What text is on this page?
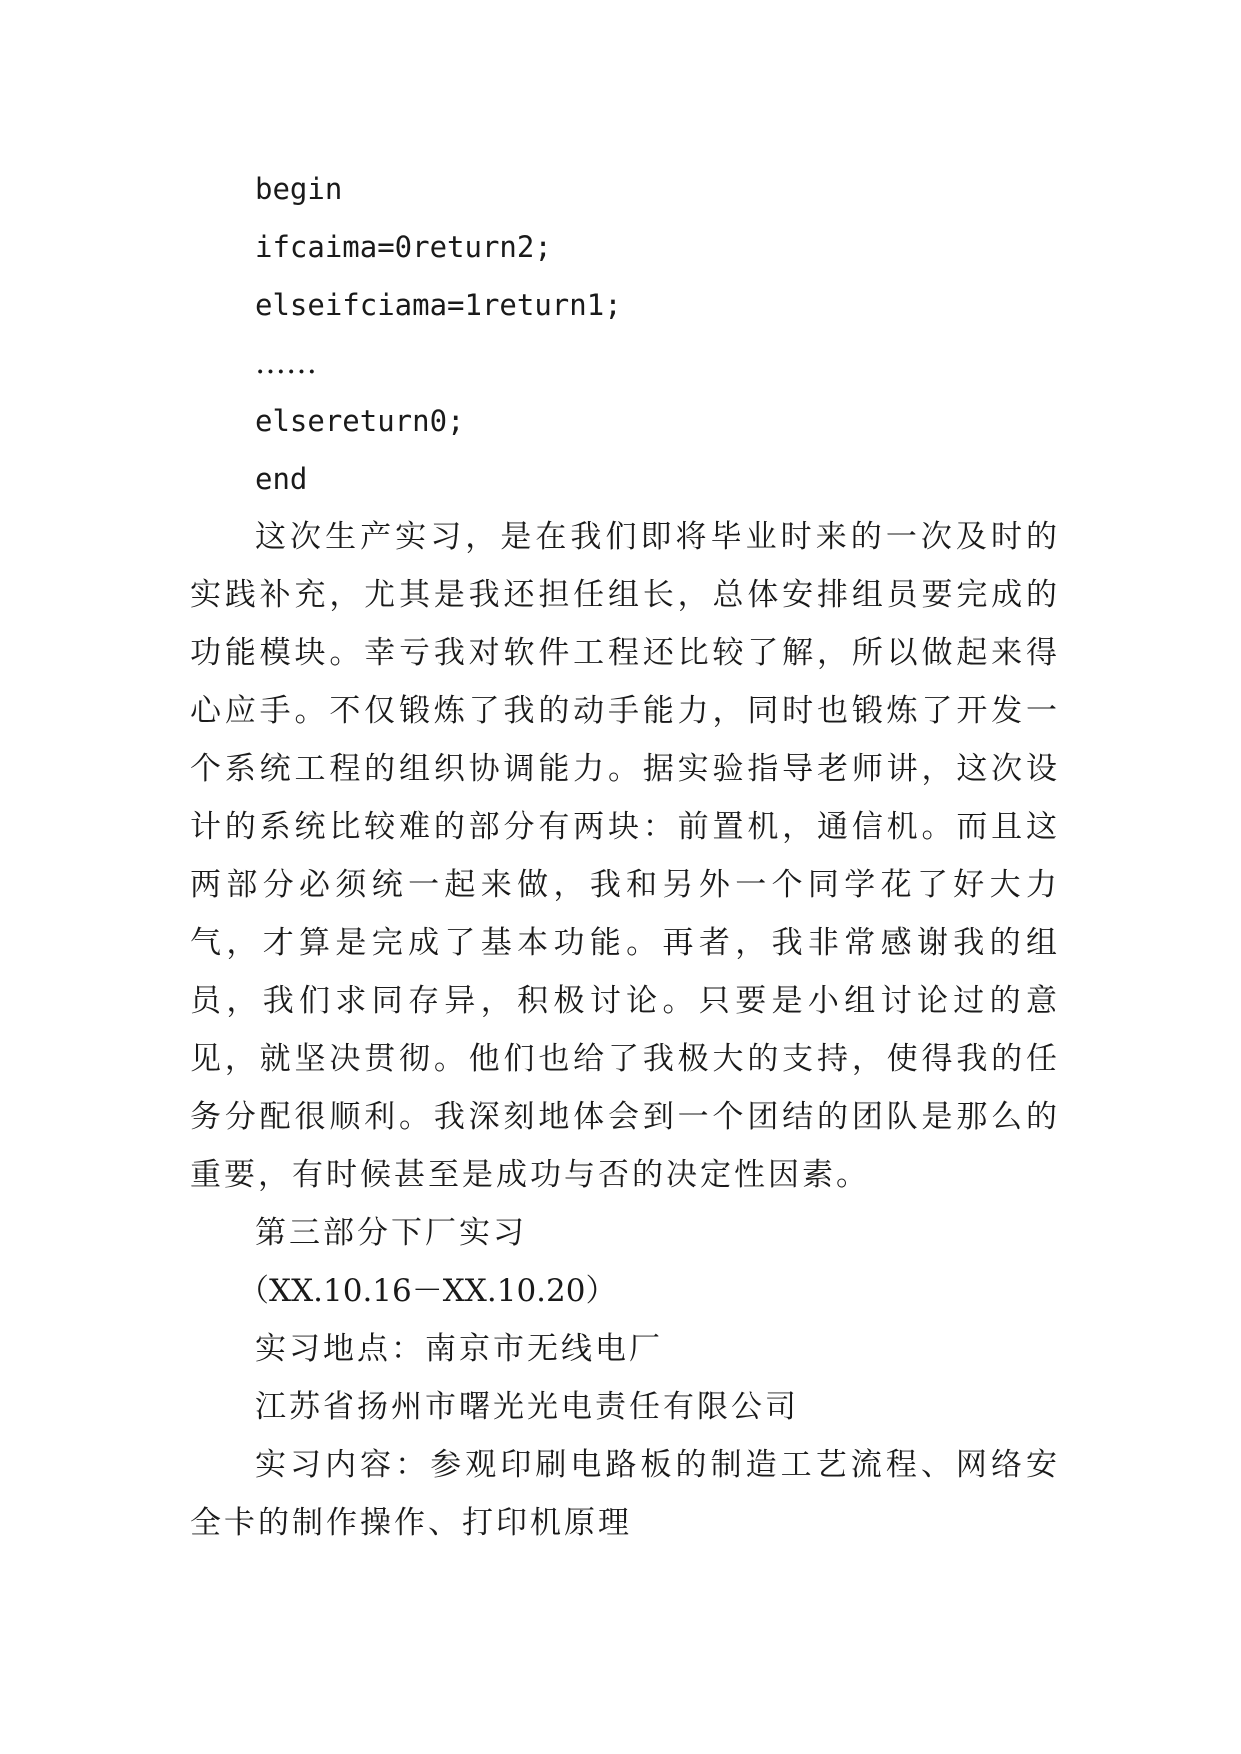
begin

ifcaima=0return2;

elseifciama=1return1;

……

elsereturn0;

end

这次生产实习，是在我们即将毕业时来的一次及时的实践补充，尤其是我还担任组长，总体安排组员要完成的功能模块。幸亏我对软件工程还比较了解，所以做起来得心应手。不仅锻炼了我的动手能力，同时也锻炼了开发一个系统工程的组织协调能力。据实验指导老师讲，这次设计的系统比较难的部分有两块：前置机，通信机。而且这两部分必须统一起来做，我和另外一个同学花了好大力气，才算是完成了基本功能。再者，我非常感谢我的组员，我们求同存异，积极讨论。只要是小组讨论过的意见，就坚决贯彻。他们也给了我极大的支持，使得我的任务分配很顺利。我深刻地体会到一个团结的团队是那么的重要，有时候甚至是成功与否的决定性因素。

第三部分下厂实习

（XX.10.16－XX.10.20）

实习地点：南京市无线电厂

江苏省扬州市曙光光电责任有限公司

实习内容：参观印刷电路板的制造工艺流程、网络安全卡的制作操作、打印机原理
